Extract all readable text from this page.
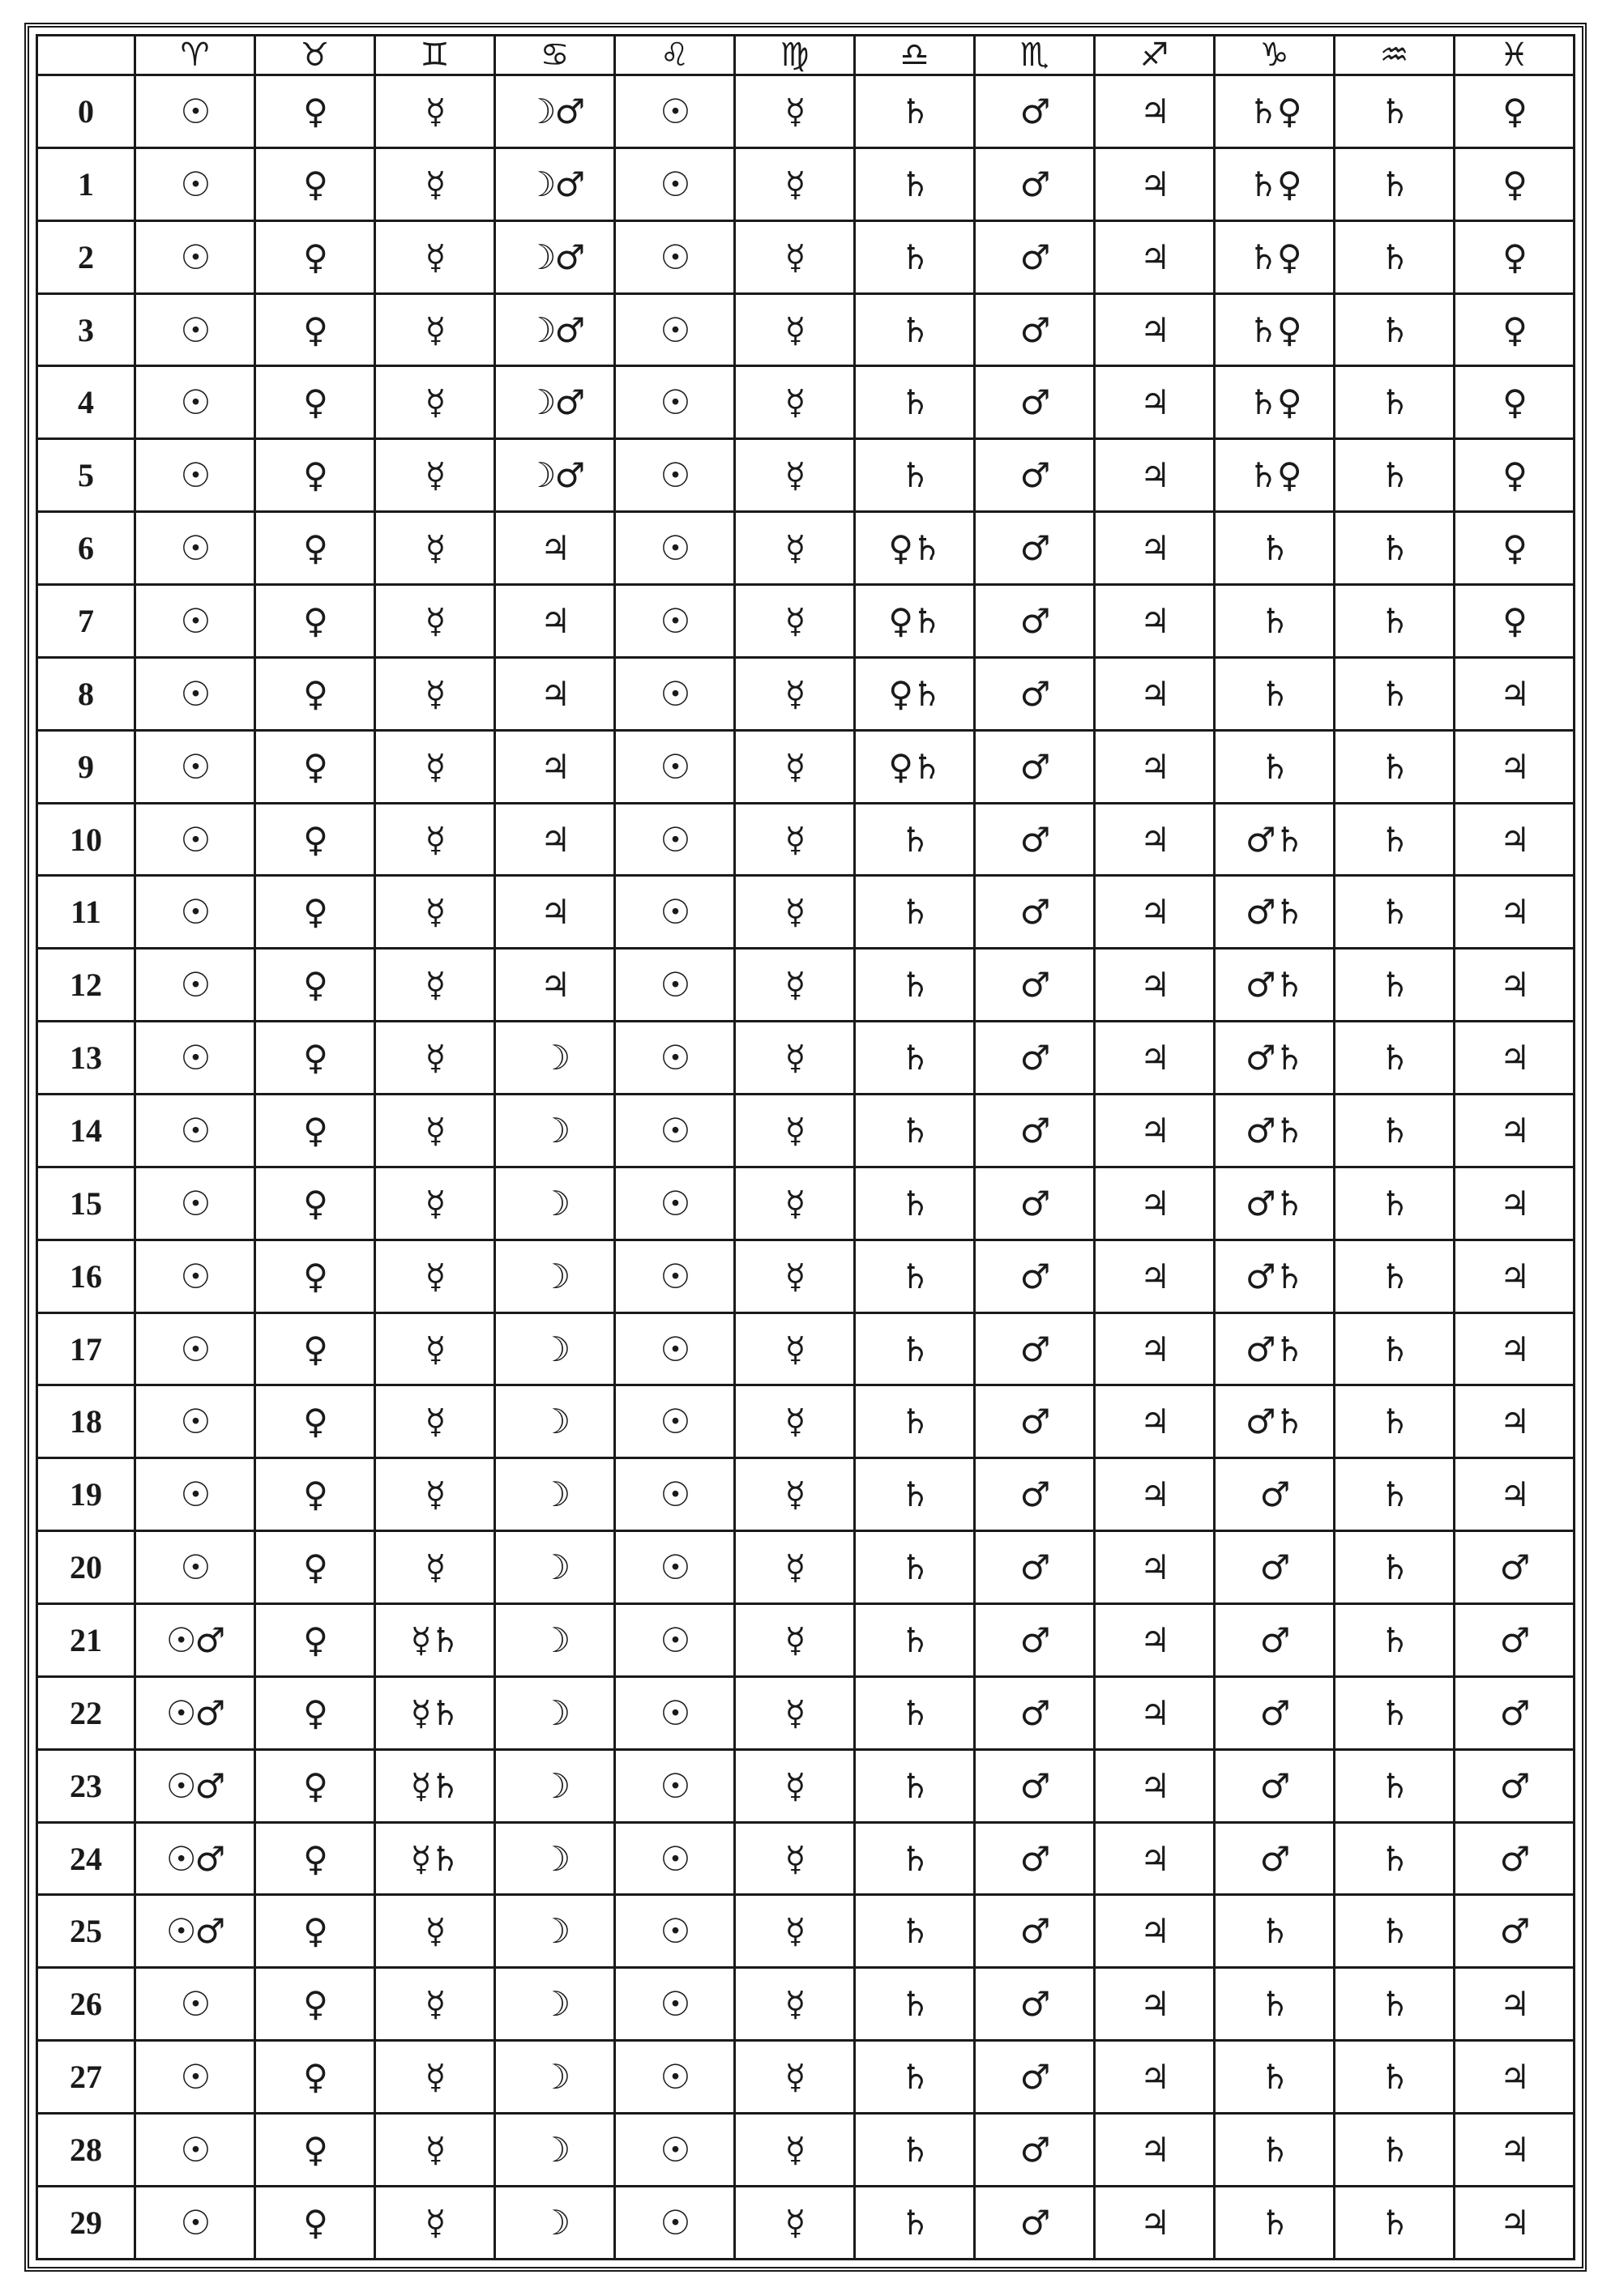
	♈	♉	♊	♋	♌	♍	♎	♏	♐	♑	♒	♓
0	☉	♀	☿	☽♂	☉	☿	♄	♂	♃	♄♀	♄	♀
1	☉	♀	☿	☽♂	☉	☿	♄	♂	♃	♄♀	♄	♀
2	☉	♀	☿	☽♂	☉	☿	♄	♂	♃	♄♀	♄	♀
3	☉	♀	☿	☽♂	☉	☿	♄	♂	♃	♄♀	♄	♀
4	☉	♀	☿	☽♂	☉	☿	♄	♂	♃	♄♀	♄	♀
5	☉	♀	☿	☽♂	☉	☿	♄	♂	♃	♄♀	♄	♀
6	☉	♀	☿	♃	☉	☿	♀♄	♂	♃	♄	♄	♀
7	☉	♀	☿	♃	☉	☿	♀♄	♂	♃	♄	♄	♀
8	☉	♀	☿	♃	☉	☿	♀♄	♂	♃	♄	♄	♃
9	☉	♀	☿	♃	☉	☿	♀♄	♂	♃	♄	♄	♃
10	☉	♀	☿	♃	☉	☿	♄	♂	♃	♂♄	♄	♃
11	☉	♀	☿	♃	☉	☿	♄	♂	♃	♂♄	♄	♃
12	☉	♀	☿	♃	☉	☿	♄	♂	♃	♂♄	♄	♃
13	☉	♀	☿	☽	☉	☿	♄	♂	♃	♂♄	♄	♃
14	☉	♀	☿	☽	☉	☿	♄	♂	♃	♂♄	♄	♃
15	☉	♀	☿	☽	☉	☿	♄	♂	♃	♂♄	♄	♃
16	☉	♀	☿	☽	☉	☿	♄	♂	♃	♂♄	♄	♃
17	☉	♀	☿	☽	☉	☿	♄	♂	♃	♂♄	♄	♃
18	☉	♀	☿	☽	☉	☿	♄	♂	♃	♂♄	♄	♃
19	☉	♀	☿	☽	☉	☿	♄	♂	♃	♂	♄	♃
20	☉	♀	☿	☽	☉	☿	♄	♂	♃	♂	♄	♂
21	☉♂	♀	☿♄	☽	☉	☿	♄	♂	♃	♂	♄	♂
22	☉♂	♀	☿♄	☽	☉	☿	♄	♂	♃	♂	♄	♂
23	☉♂	♀	☿♄	☽	☉	☿	♄	♂	♃	♂	♄	♂
24	☉♂	♀	☿♄	☽	☉	☿	♄	♂	♃	♂	♄	♂
25	☉♂	♀	☿	☽	☉	☿	♄	♂	♃	♄	♄	♂
26	☉	♀	☿	☽	☉	☿	♄	♂	♃	♄	♄	♃
27	☉	♀	☿	☽	☉	☿	♄	♂	♃	♄	♄	♃
28	☉	♀	☿	☽	☉	☿	♄	♂	♃	♄	♄	♃
29	☉	♀	☿	☽	☉	☿	♄	♂	♃	♄	♄	♃
